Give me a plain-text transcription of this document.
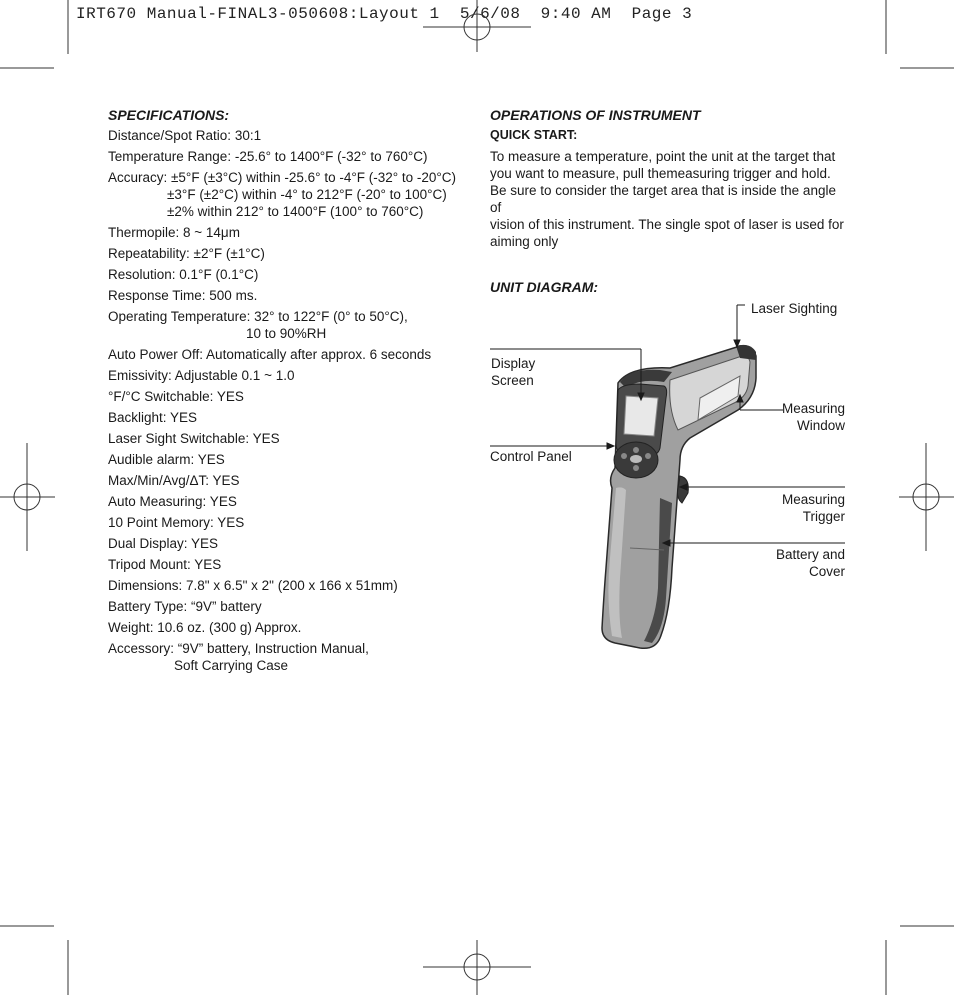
IRT670 Manual-FINAL3-050608:Layout 1  5/6/08  9:40 AM  Page 3
SPECIFICATIONS:
Distance/Spot Ratio: 30:1
Temperature Range: -25.6° to 1400°F (-32° to 760°C)
Accuracy: ±5°F (±3°C) within -25.6° to -4°F (-32° to -20°C)
±3°F (±2°C) within -4° to 212°F (-20° to 100°C)
±2% within 212° to 1400°F (100° to 760°C)
Thermopile: 8 ~ 14μm
Repeatability: ±2°F (±1°C)
Resolution: 0.1°F (0.1°C)
Response Time: 500 ms.
Operating Temperature: 32° to 122°F (0° to 50°C),
10 to 90%RH
Auto Power Off: Automatically after approx. 6 seconds
Emissivity: Adjustable 0.1 ~ 1.0
°F/°C Switchable: YES
Backlight: YES
Laser Sight Switchable: YES
Audible alarm: YES
Max/Min/Avg/ΔT: YES
Auto Measuring: YES
10 Point Memory: YES
Dual Display: YES
Tripod Mount: YES
Dimensions: 7.8" x 6.5" x 2" (200 x 166 x 51mm)
Battery Type: “9V” battery
Weight: 10.6 oz. (300 g) Approx.
Accessory: “9V” battery, Instruction Manual,
Soft Carrying Case
OPERATIONS OF INSTRUMENT
QUICK START:

To measure a temperature, point the unit at the target that

you want to measure, pull themeasuring trigger and hold.

Be sure to consider the target area that is inside the angle of

vision of this instrument. The single spot of laser is used for

aiming only

UNIT DIAGRAM:
Laser Sighting
Display
Screen
Measuring
Window
Control Panel
Measuring
Trigger
Battery and
Cover
